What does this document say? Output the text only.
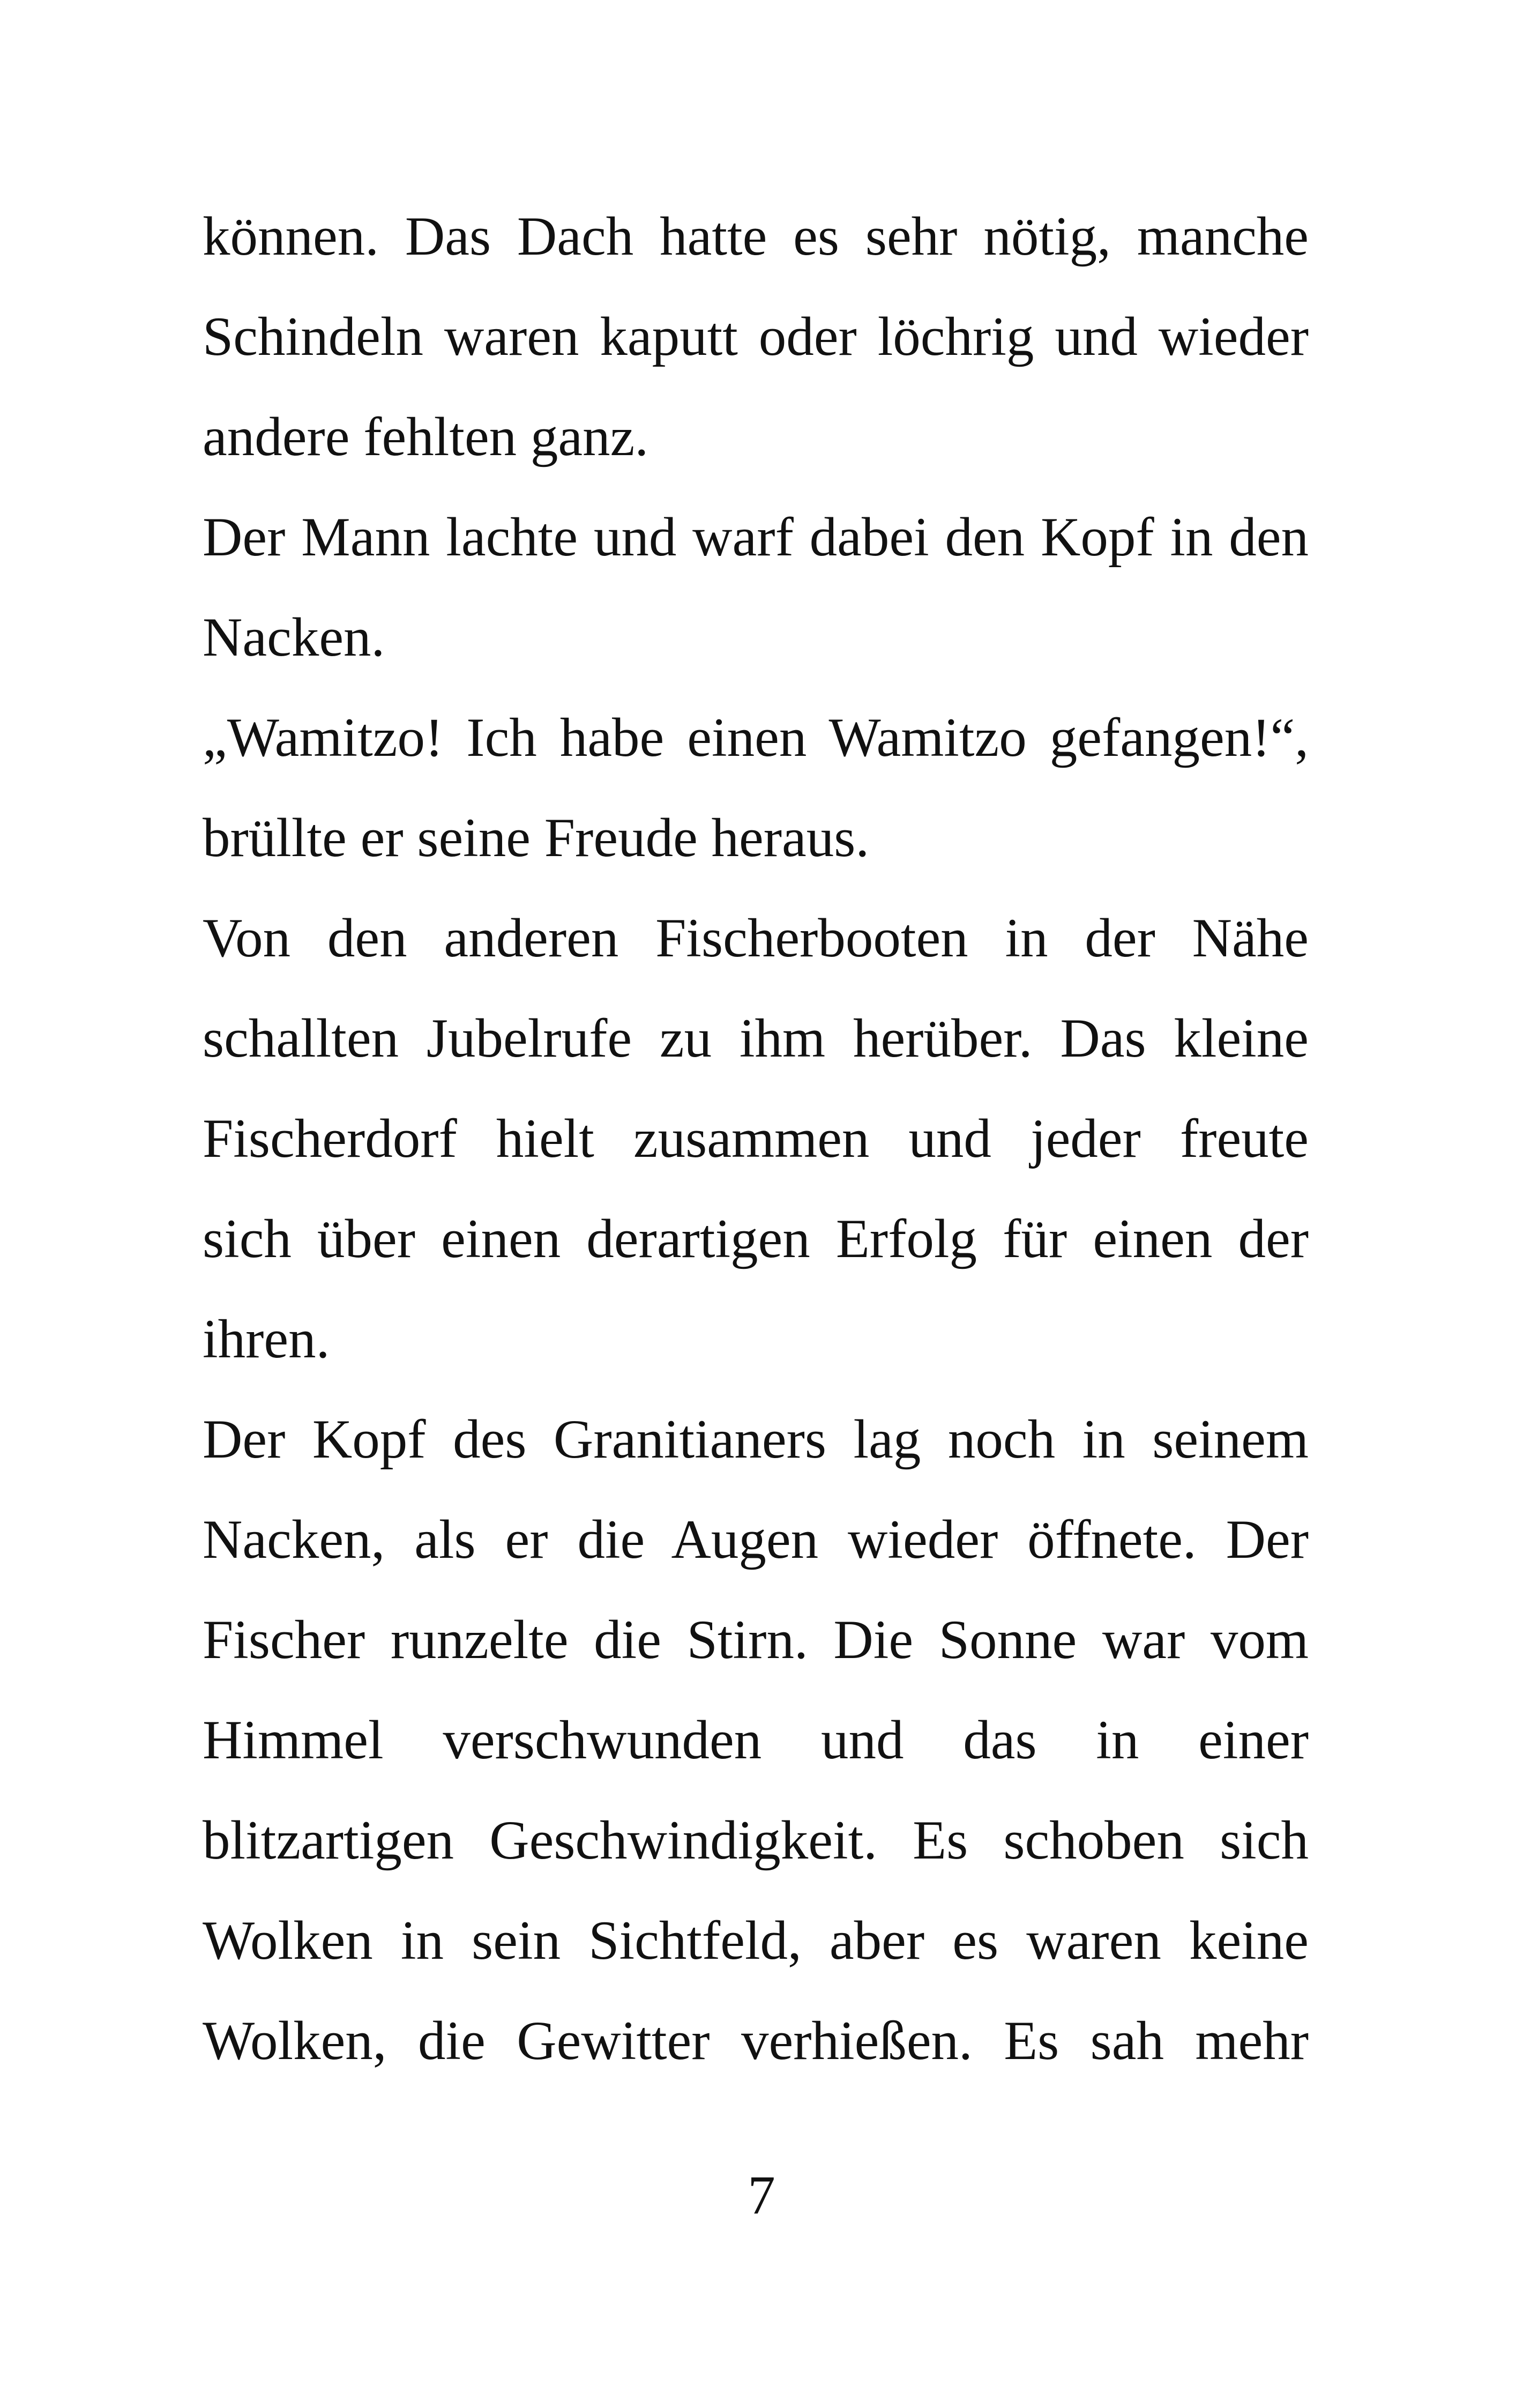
können. Das Dach hatte es sehr nötig, manche
Schindeln waren kaputt oder löchrig und wieder
andere fehlten ganz.

Der Mann lachte und warf dabei den Kopf in den
Nacken.

„Wamitzo! Ich habe einen Wamitzo gefangen!“,
brüllte er seine Freude heraus.

Von den anderen Fischerbooten in der Nähe
schallten Jubelrufe zu ihm herüber. Das kleine
Fischerdorf hielt zusammen und jeder freute
sich über einen derartigen Erfolg für einen der
ihren.

Der Kopf des Granitianers lag noch in seinem
Nacken, als er die Augen wieder öffnete. Der
Fischer runzelte die Stirn. Die Sonne war vom
Himmel verschwunden und das in einer
blitzartigen Geschwindigkeit. Es schoben sich
Wolken in sein Sichtfeld, aber es waren keine
Wolken, die Gewitter verhießen. Es sah mehr

7
